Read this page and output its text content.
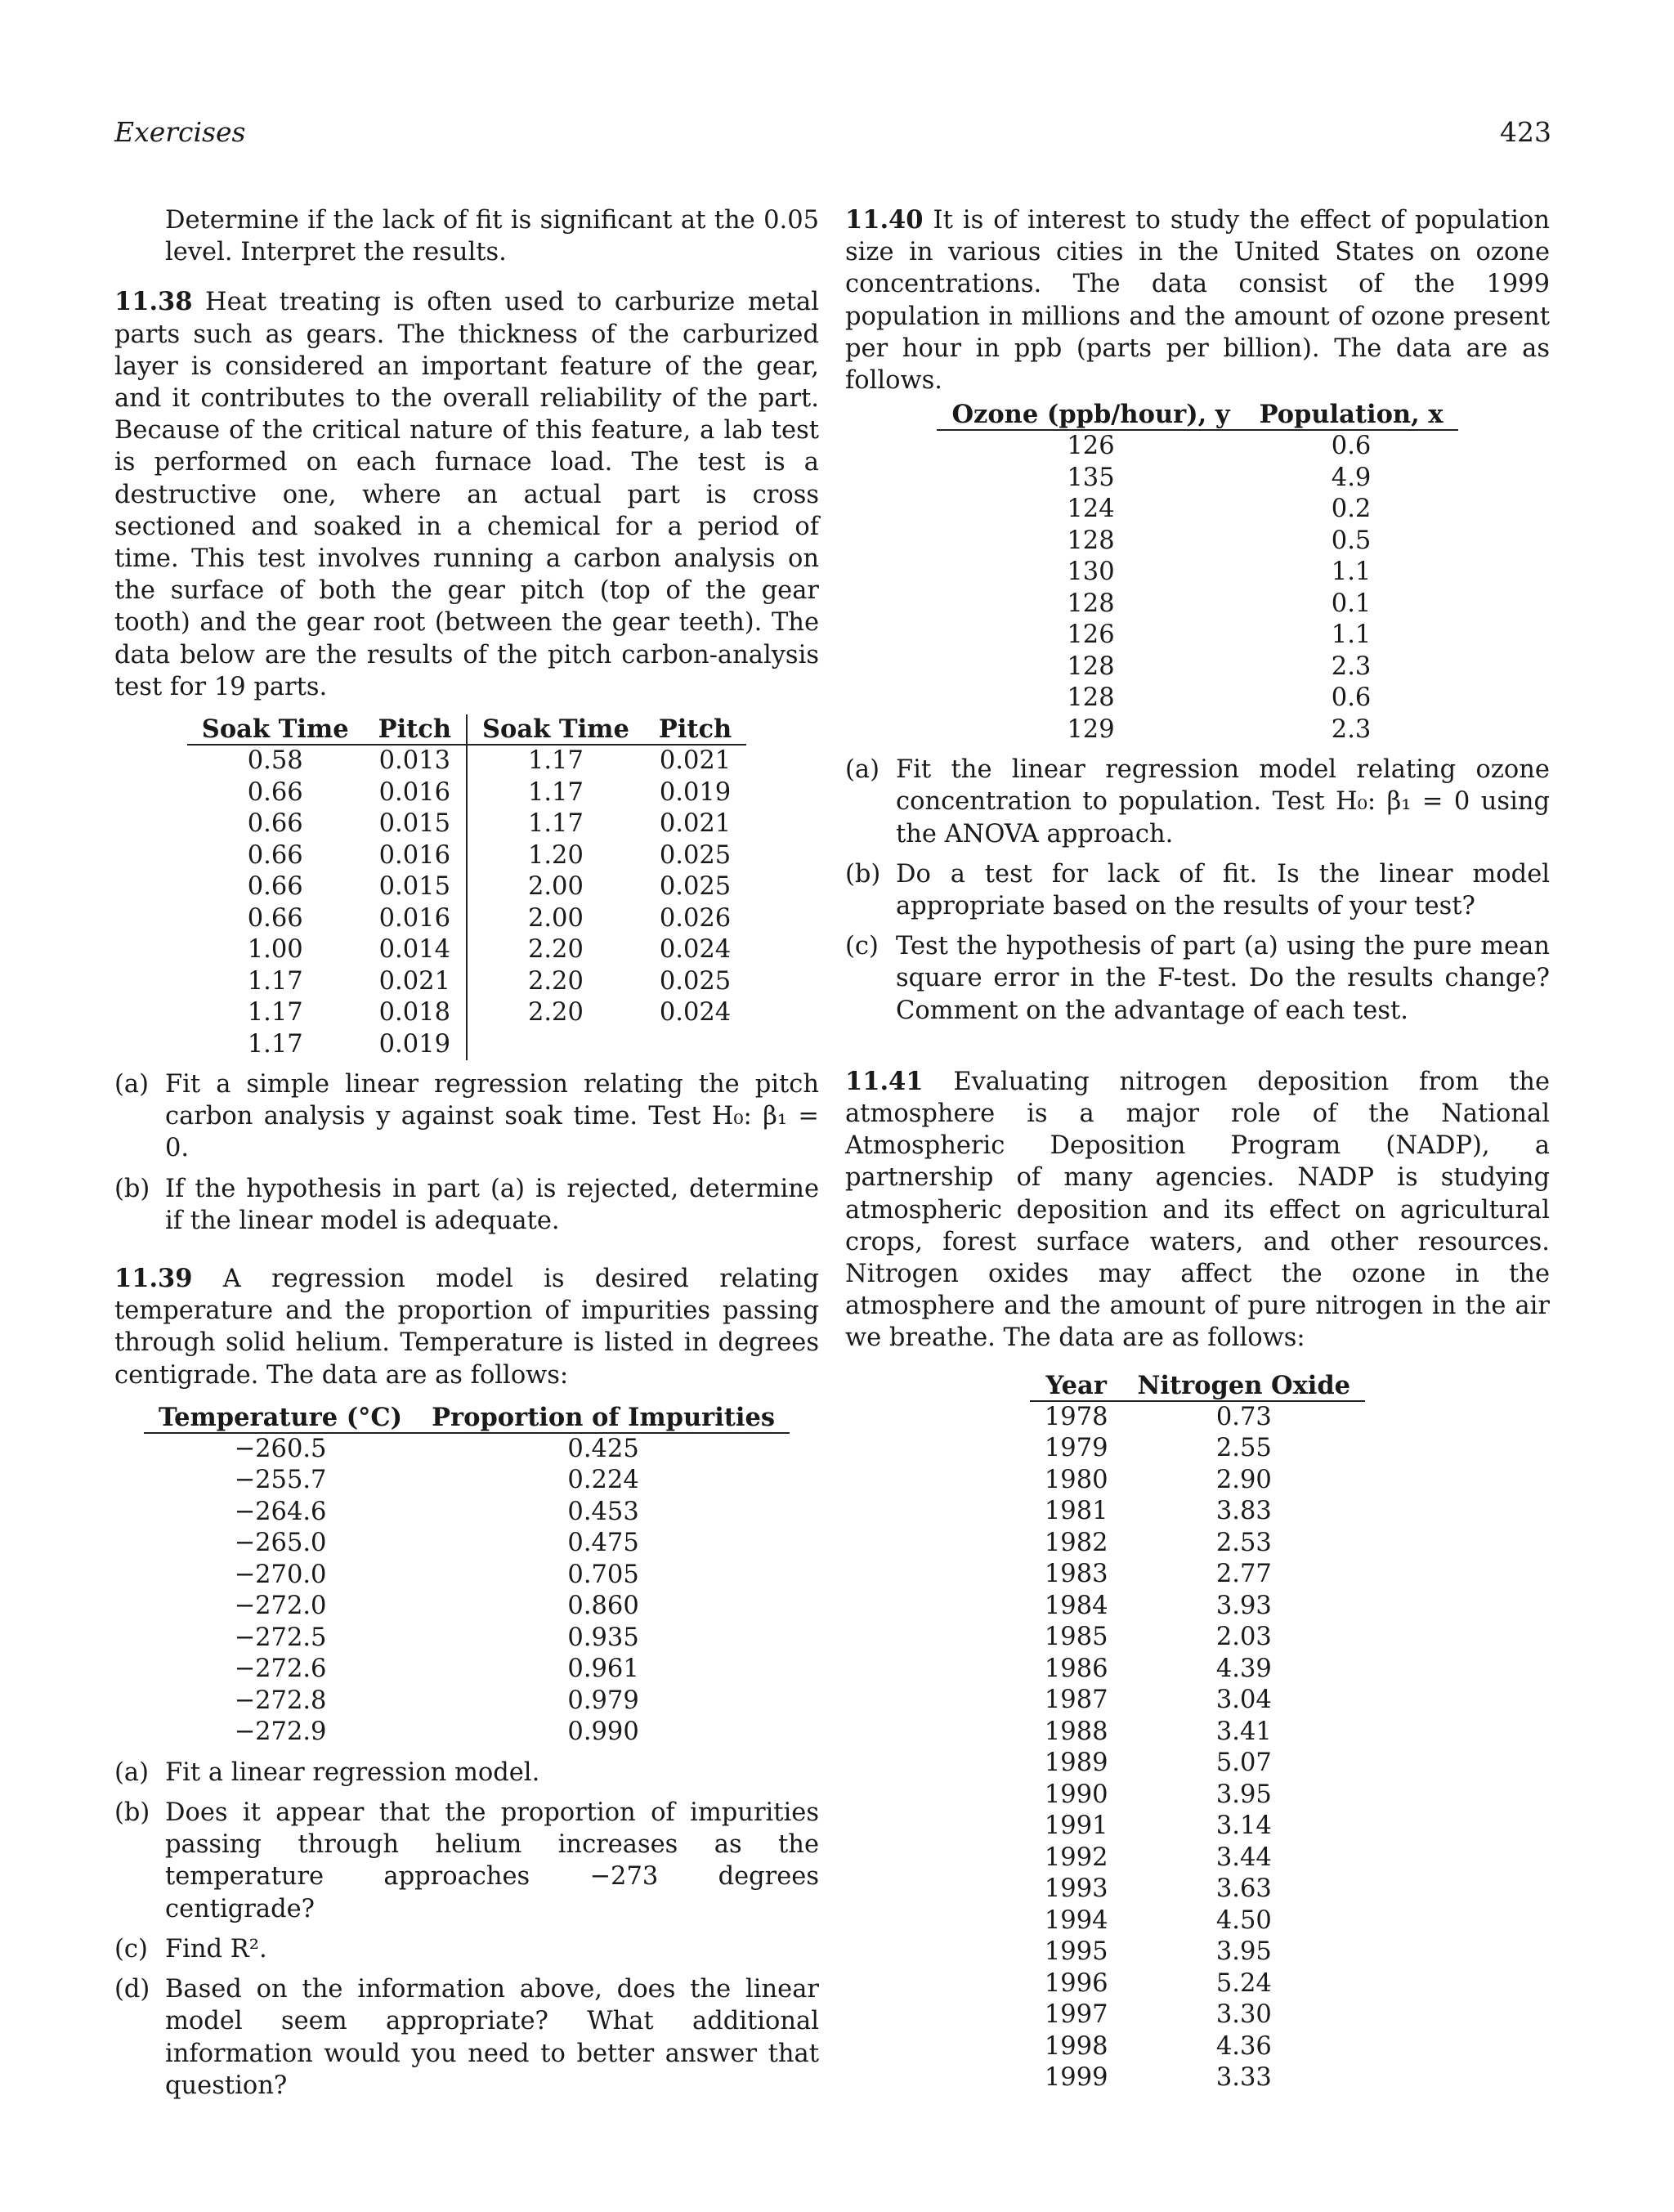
Exercises	423

Determine if the lack of fit is significant at the 0.05 level. Interpret the results.

11.38 Heat treating is often used to carburize metal parts such as gears. The thickness of the carburized layer is considered an important feature of the gear, and it contributes to the overall reliability of the part. Because of the critical nature of this feature, a lab test is performed on each furnace load. The test is a destructive one, where an actual part is cross sectioned and soaked in a chemical for a period of time. This test involves running a carbon analysis on the surface of both the gear pitch (top of the gear tooth) and the gear root (between the gear teeth). The data below are the results of the pitch carbon-analysis test for 19 parts.

Soak Time	Pitch	Soak Time	Pitch
0.58	0.013	1.17	0.021
0.66	0.016	1.17	0.019
0.66	0.015	1.17	0.021
0.66	0.016	1.20	0.025
0.66	0.015	2.00	0.025
0.66	0.016	2.00	0.026
1.00	0.014	2.20	0.024
1.17	0.021	2.20	0.025
1.17	0.018	2.20	0.024
1.17	0.019		
(a) Fit a simple linear regression relating the pitch carbon analysis y against soak time. Test H₀: β₁ = 0.
(b) If the hypothesis in part (a) is rejected, determine if the linear model is adequate.

11.39 A regression model is desired relating temperature and the proportion of impurities passing through solid helium. Temperature is listed in degrees centigrade. The data are as follows:

Temperature (°C)	Proportion of Impurities
−260.5	0.425
−255.7	0.224
−264.6	0.453
−265.0	0.475
−270.0	0.705
−272.0	0.860
−272.5	0.935
−272.6	0.961
−272.8	0.979
−272.9	0.990
(a) Fit a linear regression model.
(b) Does it appear that the proportion of impurities passing through helium increases as the temperature approaches −273 degrees centigrade?
(c) Find R².
(d) Based on the information above, does the linear model seem appropriate? What additional information would you need to better answer that question?

11.40 It is of interest to study the effect of population size in various cities in the United States on ozone concentrations. The data consist of the 1999 population in millions and the amount of ozone present per hour in ppb (parts per billion). The data are as follows.

Ozone (ppb/hour), y	Population, x
126	0.6
135	4.9
124	0.2
128	0.5
130	1.1
128	0.1
126	1.1
128	2.3
128	0.6
129	2.3
(a) Fit the linear regression model relating ozone concentration to population. Test H₀: β₁ = 0 using the ANOVA approach.
(b) Do a test for lack of fit. Is the linear model appropriate based on the results of your test?
(c) Test the hypothesis of part (a) using the pure mean square error in the F-test. Do the results change? Comment on the advantage of each test.

11.41 Evaluating nitrogen deposition from the atmosphere is a major role of the National Atmospheric Deposition Program (NADP), a partnership of many agencies. NADP is studying atmospheric deposition and its effect on agricultural crops, forest surface waters, and other resources. Nitrogen oxides may affect the ozone in the atmosphere and the amount of pure nitrogen in the air we breathe. The data are as follows:

Year	Nitrogen Oxide
1978	0.73
1979	2.55
1980	2.90
1981	3.83
1982	2.53
1983	2.77
1984	3.93
1985	2.03
1986	4.39
1987	3.04
1988	3.41
1989	5.07
1990	3.95
1991	3.14
1992	3.44
1993	3.63
1994	4.50
1995	3.95
1996	5.24
1997	3.30
1998	4.36
1999	3.33
